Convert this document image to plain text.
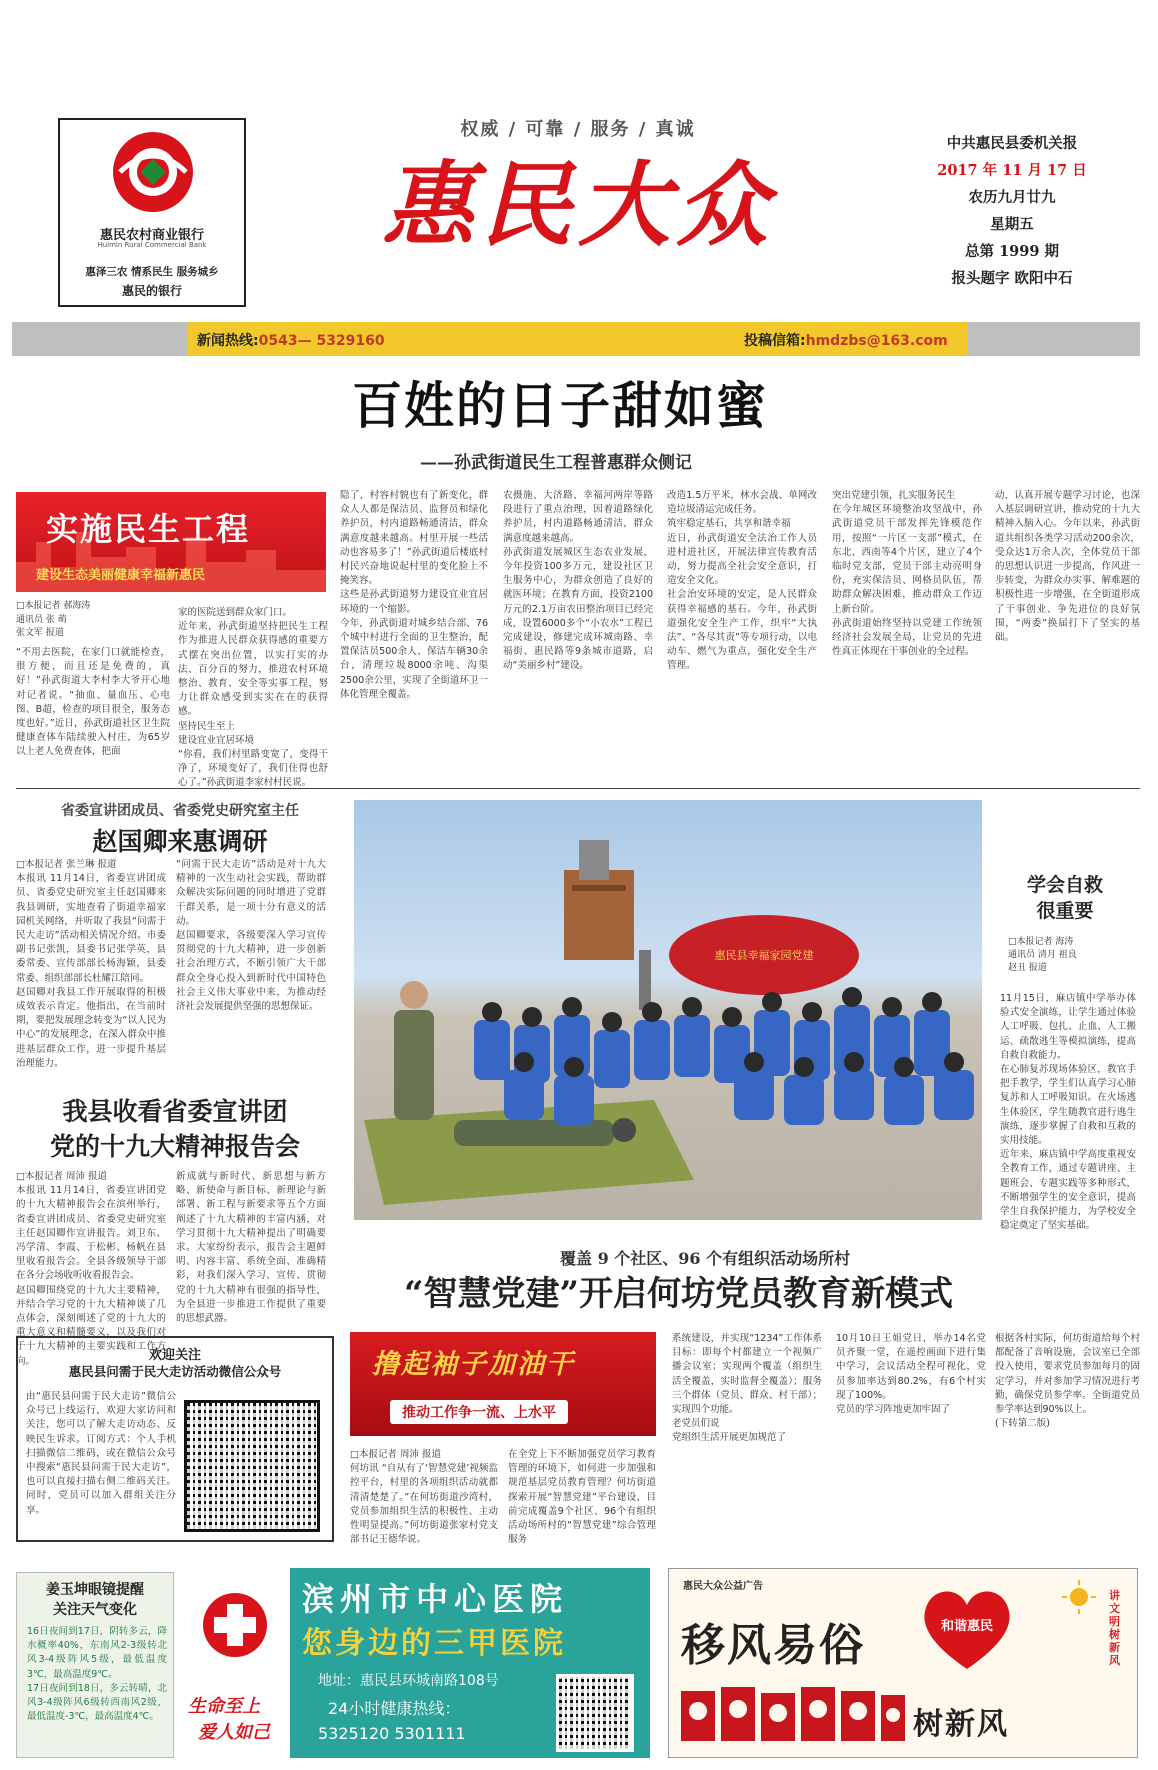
惠民农村商业银行
Huimin Rural Commercial Bank
惠泽三农 情系民生 服务城乡
惠民的银行
权威 / 可靠 / 服务 / 真诚
惠民大众
中共惠民县委机关报
2017 年 11 月 17 日
农历九月廿九
星期五
总第 1999 期
报头题字 欧阳中石
新闻热线:0543— 5329160	投稿信箱:hmdzbs@163.com
百姓的日子甜如蜜
——孙武街道民生工程普惠群众侧记
实施民生工程
建设生态美丽健康幸福新惠民
□本报记者 郝海涛
通讯员 张 萌
张文军 报道
“不用去医院，在家门口就能检查，很方便，而且还是免费的，真好！”孙武街道大李村李大爷开心地对记者说。“抽血、量血压、心电图、B超，检查的项目很全，服务态度也好。”近日，孙武街道社区卫生院健康查体车陆续驶入村庄，为65岁以上老人免费查体，把面
家的医院送到群众家门口。
近年来，孙武街道坚持把民生工程作为推进人民群众获得感的重要方式摆在突出位置，以实打实的办法、百分百的努力，推进农村环境整治、教育、安全等实事工程，努力让群众感受到实实在在的获得感。
坚持民生至上
建设宜业宜居环境
“你看，我们村里路变宽了，变得干净了，环境变好了，我们住得也舒心了。”孙武街道李家村村民说。
隐了，村容村貌也有了新变化，群众人人都是保洁员、监督员和绿化养护员，村内道路畅通清洁，群众满意度越来越高。村里开展一些活动也容易多了！”孙武街道后楼底村村民兴奋地说起村里的变化脸上不掩笑容。
这些是孙武街道努力建设宜业宜居环境的一个缩影。
今年，孙武街道对城乡结合部、76个城中村进行全面的卫生整治，配置保洁员500余人、保洁车辆30余台，清理垃圾8000余吨、沟渠2500余公里，实现了全街道环卫一体化管理全覆盖。
农摄施、大济路、幸福河两岸等路段进行了重点治理，因着道路绿化养护员，村内道路畅通清洁，群众满意度越来越高。
孙武街道发展城区生态农业发展，今年投资100多万元，建设社区卫生服务中心，为群众创造了良好的就医环境；在教育方面，投资2100万元的2.1万亩农田整治项目已经完成，设置6000多个“小农水”工程已完成建设，修建完成环城南路、幸福街、惠民路等9条城市道路，启动“美丽乡村”建设。
改造1.5万平米，林水会战、单网改造垃圾清运完成任务。
筑牢稳定基石，共享和谐幸福
近日，孙武街道安全法治工作人员进村进社区，开展法律宣传教育活动，努力提高全社会安全意识，打造安全文化。
社会治安环境的安定，是人民群众获得幸福感的基石。今年，孙武街道强化安全生产工作，织牢“大执法”、“各尽其责”等专项行动，以电动车、燃气为重点，强化安全生产管理。
突出党建引领，扎实服务民生
在今年城区环境整治攻坚战中，孙武街道党员干部发挥先锋模范作用，按照“一片区一支部”模式，在东北、西南等4个片区，建立了4个临时党支部，党员干部主动亮明身份，充实保洁员、网格员队伍，帮助群众解决困难，推动群众工作迈上新台阶。
孙武街道始终坚持以党建工作统领经济社会发展全局，让党员的先进性真正体现在干事创业的全过程。
动，认真开展专题学习讨论，也深入基层调研宣讲，推动党的十九大精神入脑入心。今年以来，孙武街道共组织各类学习活动200余次，受众达1万余人次，全体党员干部的思想认识进一步提高，作风进一步转变，为群众办实事、解难题的积极性进一步增强，在全街道形成了干事创业、争先进位的良好氛围，“两委”换届打下了坚实的基础。
省委宣讲团成员、省委党史研究室主任
赵国卿来惠调研
□本报记者 张兰琳 报道
本报讯 11月14日，省委宣讲团成员、省委党史研究室主任赵国卿来我县调研，实地查看了街道幸福家园机关网络，并听取了我县“问需于民大走访”活动相关情况介绍。市委副书记张凯，县委书记张学英，县委常委、宣传部部长杨海颖，县委常委、组织部部长杜耀江陪同。
赵国卿对我县工作开展取得的积极成效表示肯定。他指出，在当前时期，要把发展理念转变为“以人民为中心”的发展理念，在深入群众中推进基层群众工作，进一步提升基层治理能力。
“问需于民大走访”活动是对十九大精神的一次生动社会实践，帮助群众解决实际问题的同时增进了党群干群关系，是一项十分有意义的活动。
赵国卿要求，各级要深入学习宣传贯彻党的十九大精神，进一步创新社会治理方式，不断引领广大干部群众全身心投入到新时代中国特色社会主义伟大事业中来，为推动经济社会发展提供坚强的思想保证。
我县收看省委宣讲团
党的十九大精神报告会
□本报记者 周沛 报道
本报讯 11月14日，省委宣讲团党的十九大精神报告会在滨州举行，省委宣讲团成员、省委党史研究室主任赵国卿作宣讲报告。刘卫东、冯学清、李霞、于松彬、杨帆在县里收看报告会。全县各级领导干部在各分会场收听收看报告会。
赵国卿围绕党的十九大主要精神，并结合学习党的十九大精神谈了几点体会，深刻阐述了党的十九大的重大意义和精髓要义，以及我们对于十九大精神的主要实践和工作方向。
新成就与新时代、新思想与新方略、新使命与新目标、新理论与新部署、新工程与新要求等五个方面阐述了十九大精神的丰富内涵，对学习贯彻十九大精神提出了明确要求。大家纷纷表示，报告会主题鲜明、内容丰富、系统全面、准确精彩，对我们深入学习、宣传、贯彻党的十九大精神有很强的指导性，为全县进一步推进工作提供了重要的思想武器。
惠民县幸福家园党建
学会自救
很重要
□本报记者 海涛
通讯员 清月 祖良
赵丑 报道
11月15日，麻店镇中学举办体验式安全演练，让学生通过体验人工呼吸、包扎、止血、人工搬运、疏散逃生等模拟演练，提高自救自救能力。
在心肺复苏现场体验区，教官手把手教学，学生们认真学习心肺复苏和人工呼吸知识。在火场逃生体验区，学生随教官进行逃生演练，逐步掌握了自救和互救的实用技能。
近年来，麻店镇中学高度重视安全教育工作，通过专题讲座、主题班会、专题实践等多种形式，不断增强学生的安全意识，提高学生自我保护能力，为学校安全稳定奠定了坚实基础。
覆盖 9 个社区、96 个有组织活动场所村
“智慧党建”开启何坊党员教育新模式
撸起袖子加油干
推动工作争一流、上水平
□本报记者 周沛 报道
何坊讯 “自从有了‘智慧党建’视频监控平台，村里的各项组织活动就都清清楚楚了。”在何坊街道沙湾村，党员参加组织生活的积极性、主动性明显提高。”何坊街道张家村党支部书记王德华说。
在全党上下不断加强党员学习教育管理的环境下，如何进一步加强和规范基层党员教育管理？何坊街道探索开展“智慧党建”平台建设，目前完成覆盖9个社区、96个有组织活动场所村的“智慧党建”综合管理服务
系统建设，并实现“1234”工作体系目标：即每个村都建立一个视频广播会议室；实现两个覆盖（组织生活全覆盖，实时监督全覆盖）；服务三个群体（党员、群众、村干部）；实现四个功能。
老党员们说
党组织生活开展更加规范了
10月10日王姐党日，举办14名党员齐聚一堂，在遥控画面下进行集中学习，会议活动全程可视化，党员参加率达到80.2%，有6个村实现了100%。
党员的学习阵地更加牢固了
根据各村实际，何坊街道给每个村都配备了音响设施，会议室已全部投入使用，要求党员参加每月的固定学习，并对参加学习情况进行考勤，确保党员参学率。全街道党员参学率达到90%以上。
(下转第二版)
欢迎关注
惠民县问需于民大走访活动微信公众号
由“惠民县问需于民大走访”微信公众号已上线运行，欢迎大家访问和关注，您可以了解大走访动态、反映民生诉求。订阅方式：个人手机扫描微信二维码，或在微信公众号中搜索“惠民县问需于民大走访”，也可以直接扫描右侧二维码关注。同时，党员可以加入群组关注分享。
姜玉坤眼镜提醒
关注天气变化
16日夜间到17日，阴转多云，降水概率40%，东南风2-3级转北风3-4级阵风5级，最低温度3℃，最高温度9℃。
17日夜间到18日，多云转晴，北风3-4级阵风6级转西南风2级，最低温度-3℃，最高温度4℃。	生命至上
爱人如己
滨州市中心医院
您身边的三甲医院
地址：惠民县环城南路108号
24小时健康热线：
5325120 5301111
惠民大众公益广告
移风易俗	和谐惠民
讲文明 树新风
树新风
